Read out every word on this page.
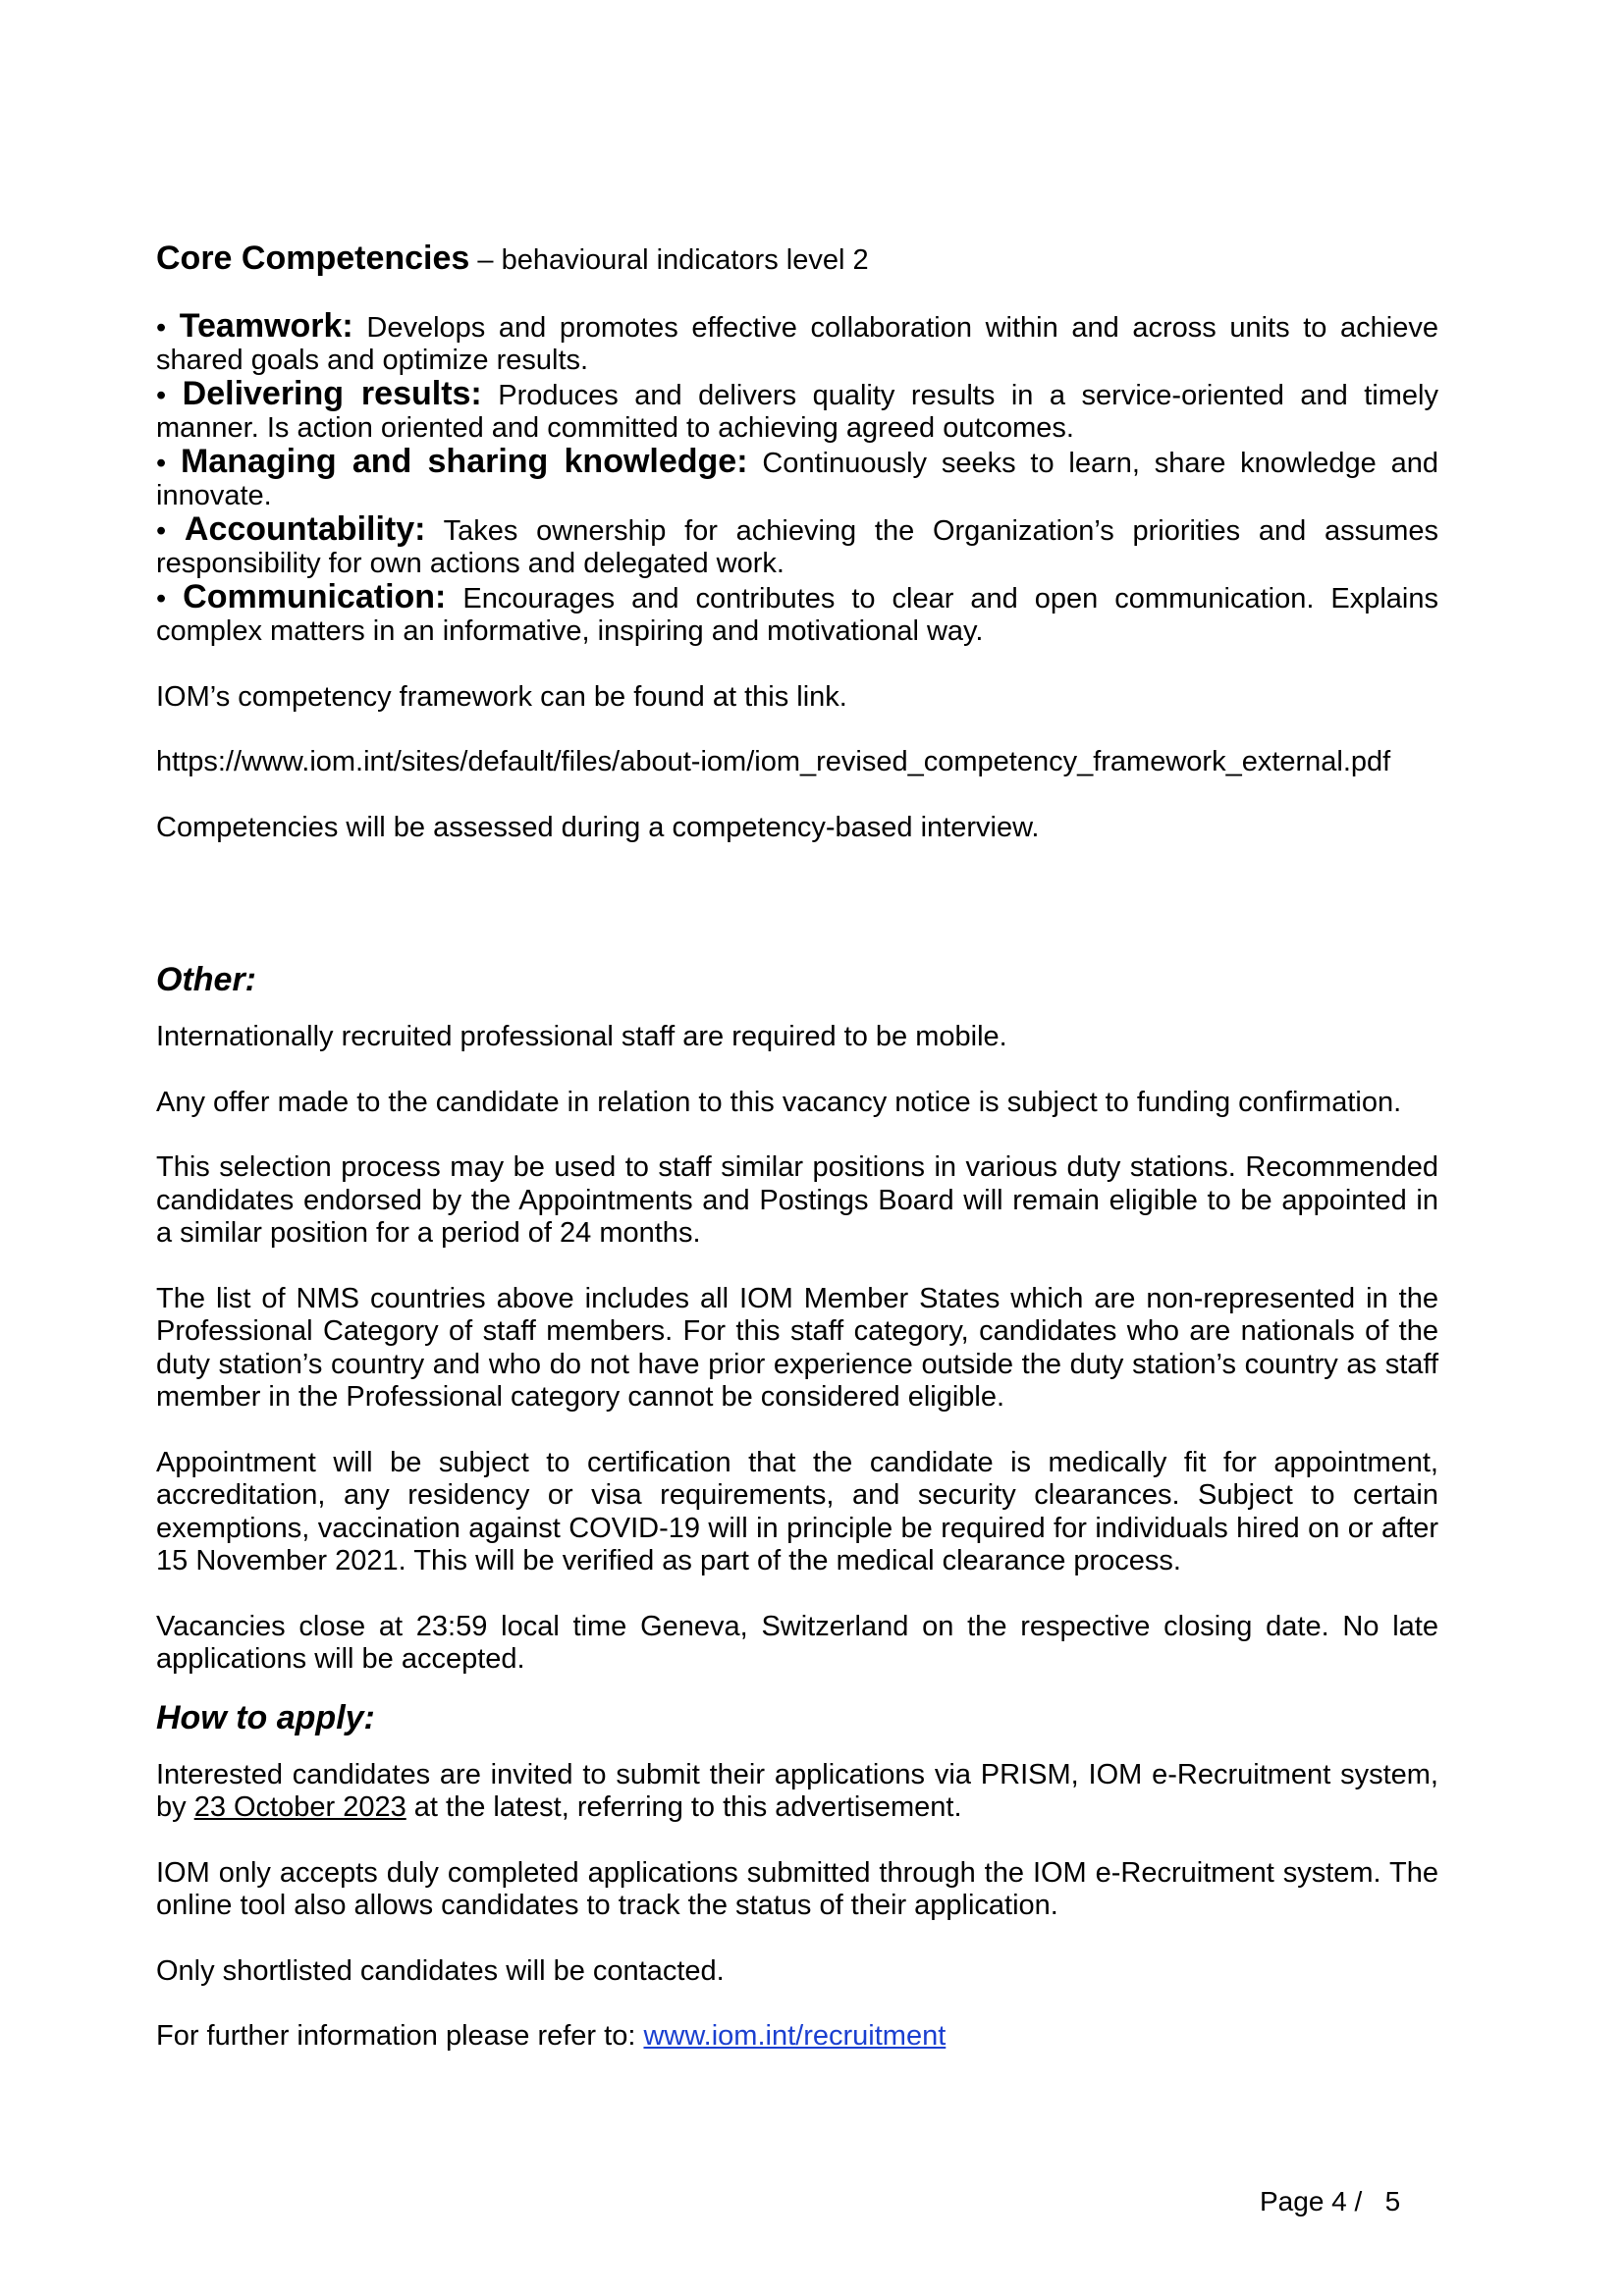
Core Competencies – behavioural indicators level 2

• Teamwork: Develops and promotes effective collaboration within and across units to achieve shared goals and optimize results.

• Delivering results: Produces and delivers quality results in a service-oriented and timely manner. Is action oriented and committed to achieving agreed outcomes.

• Managing and sharing knowledge: Continuously seeks to learn, share knowledge and innovate.

• Accountability: Takes ownership for achieving the Organization’s priorities and assumes responsibility for own actions and delegated work.

• Communication: Encourages and contributes to clear and open communication. Explains complex matters in an informative, inspiring and motivational way.

IOM’s competency framework can be found at this link.

https://www.iom.int/sites/default/files/about-iom/iom_revised_competency_framework_external.pdf

Competencies will be assessed during a competency-based interview.

Other:

Internationally recruited professional staff are required to be mobile.

Any offer made to the candidate in relation to this vacancy notice is subject to funding confirmation.

This selection process may be used to staff similar positions in various duty stations. Recommended candidates endorsed by the Appointments and Postings Board will remain eligible to be appointed in a similar position for a period of 24 months.

The list of NMS countries above includes all IOM Member States which are non-represented in the Professional Category of staff members. For this staff category, candidates who are nationals of the duty station’s country and who do not have prior experience outside the duty station’s country as staff member in the Professional category cannot be considered eligible.

Appointment will be subject to certification that the candidate is medically fit for appointment, accreditation, any residency or visa requirements, and security clearances. Subject to certain exemptions, vaccination against COVID-19 will in principle be required for individuals hired on or after 15 November 2021. This will be verified as part of the medical clearance process.

Vacancies close at 23:59 local time Geneva, Switzerland on the respective closing date. No late applications will be accepted.

How to apply:

Interested candidates are invited to submit their applications via PRISM, IOM e-Recruitment system, by 23 October 2023 at the latest, referring to this advertisement.

IOM only accepts duly completed applications submitted through the IOM e-Recruitment system. The online tool also allows candidates to track the status of their application.

Only shortlisted candidates will be contacted.

For further information please refer to: www.iom.int/recruitment

Page 4 /   5
